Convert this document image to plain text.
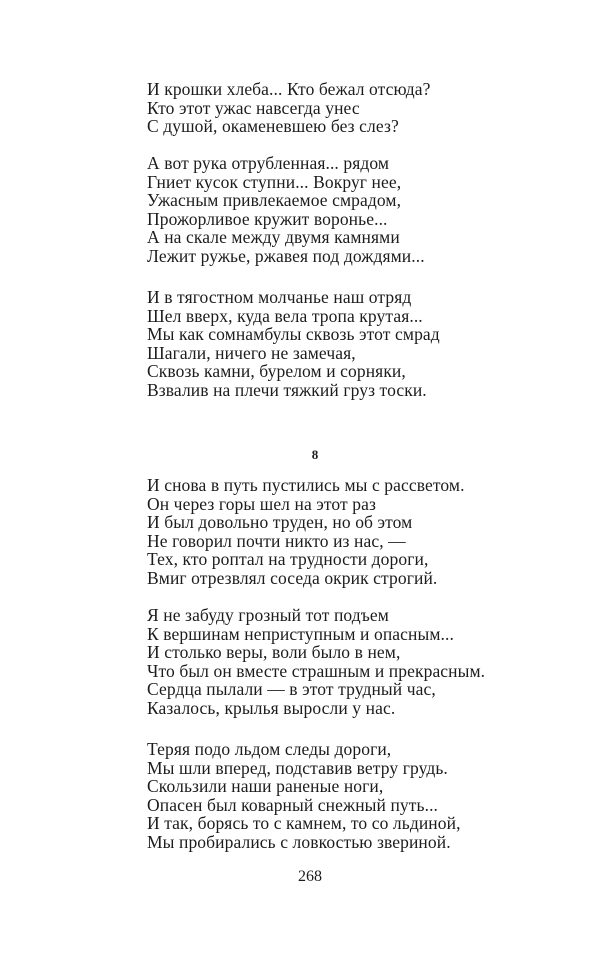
И крошки хлеба... Кто бежал отсюда?
Кто этот ужас навсегда унес
С душой, окаменевшею без слез?
А вот рука отрубленная... рядом
Гниет кусок ступни... Вокруг нее,
Ужасным привлекаемое смрадом,
Прожорливое кружит воронье...
А на скале между двумя камнями
Лежит ружье, ржавея под дождями...
И в тягостном молчанье наш отряд
Шел вверх, куда вела тропа крутая...
Мы как сомнамбулы сквозь этот смрад
Шагали, ничего не замечая,
Сквозь камни, бурелом и сорняки,
Взвалив на плечи тяжкий груз тоски.
8
И снова в путь пустились мы с рассветом.
Он через горы шел на этот раз
И был довольно труден, но об этом
Не говорил почти никто из нас, —
Тех, кто роптал на трудности дороги,
Вмиг отрезвлял соседа окрик строгий.
Я не забуду грозный тот подъем
К вершинам неприступным и опасным...
И столько веры, воли было в нем,
Что был он вместе страшным и прекрасным.
Сердца пылали — в этот трудный час,
Казалось, крылья выросли у нас.
Теряя подо льдом следы дороги,
Мы шли вперед, подставив ветру грудь.
Скользили наши раненые ноги,
Опасен был коварный снежный путь...
И так, борясь то с камнем, то со льдиной,
Мы пробирались с ловкостью звериной.
268
